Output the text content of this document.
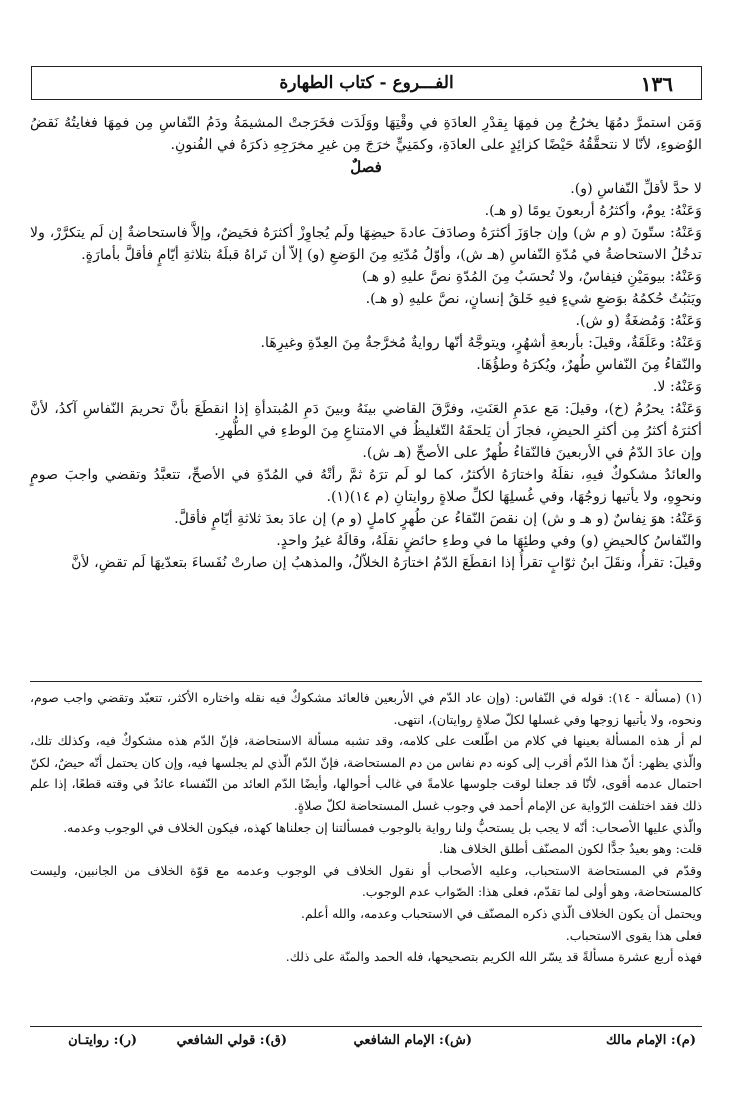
١٣٦
الفـــروع - كتاب الطهارة

وَمَن استمرَّ دمُهَا يخرُجُ مِن فمِهَا بِقدْرِ العادَةِ في وقْتِهَا ووَلَدَت فخَرَجتْ المشيمَةُ ودَمُ النّفاسِ مِن فمِهَا فغايتُهُ نَقضُ الوُضوءِ، لأنّا لا نتحقَّقُهُ حَيْضًا كزائِدٍ على العادَةِ، وكمَنِيٍّ خرَجَ مِن غيرِ مخرَجِهِ ذكرَهُ في الفُنونِ.

فصلٌ

لا حدَّ لأقلِّ النّفاسِ (و).

وَعَنْهُ: يومٌ، وأكثرُهُ أربعونَ يومًا (و هـ).

وَعَنْهُ: ستّونَ (و م ش) وإن جاوَزَ أكثرَهُ وصادَفَ عادةَ حيضِهَا ولَم يُجاوِزْ أكثرَهُ فحَيضٌ، وإلاَّ فاستحاضةٌ إن لَم يتكرَّرْ، ولا تدخُلُ الاستحاضةُ في مُدّةِ النّفاسِ (هـ ش)، وأوّلُ مُدّتِهِ مِنَ الوَضعِ (و) إلاّ أن تَراهُ قبلَهُ بثلاثةِ أيّامٍ فأقلَّ بأمارَةٍ.

وَعَنْهُ: بيومَيْنِ فنِفاسٌ، ولا تُحسَبُ مِنَ المُدّةِ نصَّ عليهِ (و هـ)

ويَثبُتُ حُكمُهُ بوَضعِ شيءٍ فيهِ خَلقُ إنسانٍ، نصَّ عليهِ (و هـ).

وَعَنْهُ: وَمُضغَةٌ (و ش).

وَعَنْهُ: وعَلَقَةٌ، وقيلَ: بأربعةِ أشهُرٍ، ويتوجَّهُ أنّها روايةٌ مُخرَّجةٌ مِنَ العِدّةِ وغيرِهَا.

والنّقاءُ مِنَ النّفاسِ طُهرٌ، ويُكرَهُ وطؤُهَا.

وَعَنْهُ: لا.

وَعَنْهُ: يحرُمُ (خ)، وقيلَ: مَع عدَمِ العَنَتِ، وفرَّقَ القاضي بينَهُ وبينَ دَمِ المُبتدأةِ إذا انقطَعَ بأنَّ تحريمَ النّفاسِ آكدُ، لأنَّ أكثرَهُ أكثرُ مِن أكثرِ الحيضِ، فجازَ أن يَلحقَهُ التّغليظُ في الامتناعِ مِنَ الوطءِ في الطُّهرِ.

وإن عادَ الدّمُ في الأربعينَ فالنّقاءُ طُهرٌ على الأصحِّ (هـ ش).

والعائدُ مشكوكٌ فيهِ، نقلَهُ واختارَهُ الأكثرُ، كما لو لَم ترَهُ ثمَّ رأتْهُ في المُدّةِ في الأصحِّ، تتعبَّدُ وتقضي واجبَ صومٍ ونحوِهِ، ولا يأتيها زوجُهَا، وفي غُسلِهَا لكلِّ صلاةٍ روايتانِ (م ١٤)(١).

وَعَنْهُ: هوَ نِفاسٌ (و هـ و ش) إن نقصَ النّقاءُ عن طُهرٍ كاملٍ (و م) إن عادَ بعدَ ثلاثةِ أيّامٍ فأقلَّ.

والنّفاسُ كالحيضِ (و) وفي وطئِهَا ما في وطءِ حائضٍ نقلَهُ، وقالَهُ غيرُ واحدٍ.

وقيلَ: تقرأُ، ونقَلَ ابنُ ثوّابٍ تقرأُ إذا انقطَعَ الدّمُ اختارَهُ الخلاّلُ، والمذهبُ إن صارتْ نُفَساءَ بتعدّيهَا لَم تقضِ، لأنَّ

(١) (مسألة - ١٤): قوله في النّفاس: (وإن عاد الدّم في الأربعين فالعائد مشكوكٌ فيه نقله واختاره الأكثر، تتعبّد وتقضي واجب صوم، ونحوه، ولا يأتيها زوجها وفي غسلها لكلّ صلاةٍ روايتان)، انتهى.

لم أر هذه المسألة بعينها في كلام من اطّلعت على كلامه، وقد تشبه مسألة الاستحاضة، فإنّ الدّم هذه مشكوكٌ فيه، وكذلك تلك، والّذي يظهر: أنّ هذا الدّم أقرب إلى كونه دم نفاس من دم المستحاضة، فإنّ الدّم الّذي لم يجلسها فيه، وإن كان يحتمل أنّه حيضٌ، لكنّ احتمال عدمه أقوى، لأنّا قد جعلنا لوقت جلوسها علامةً في غالب أحوالها، وأيضًا الدّم العائد من النّفساء عائدٌ في وقته قطعًا، إذا علم ذلك فقد اختلفت الرّواية عن الإمام أحمد في وجوب غسل المستحاضة لكلّ صلاةٍ.

والّذي عليها الأصحاب: أنّه لا يجب بل يستحبُّ ولنا رواية بالوجوب فمسألتنا إن جعلناها كهذه، فيكون الخلاف في الوجوب وعدمه.

قلت: وهو بعيدٌ جدًّا لكون المصنّف أطلق الخلاف هنا.

وقدّم في المستحاضة الاستحباب، وعليه الأصحاب أو نقول الخلاف في الوجوب وعدمه مع قوّة الخلاف من الجانبين، وليست كالمستحاضة، وهو أولى لما تقدّم، فعلى هذا: الصّواب عدم الوجوب.

ويحتمل أن يكون الخلاف الّذي ذكره المصنّف في الاستحباب وعدمه، والله أعلم.

فعلى هذا يقوى الاستحباب.

فهذه أربع عشرة مسألةً قد يسّر الله الكريم بتصحيحها، فله الحمد والمنّة على ذلك.

(م): الإمام مالك
(ش): الإمام الشافعي
(ق): قولي الشافعي
(ر): روايتـان
